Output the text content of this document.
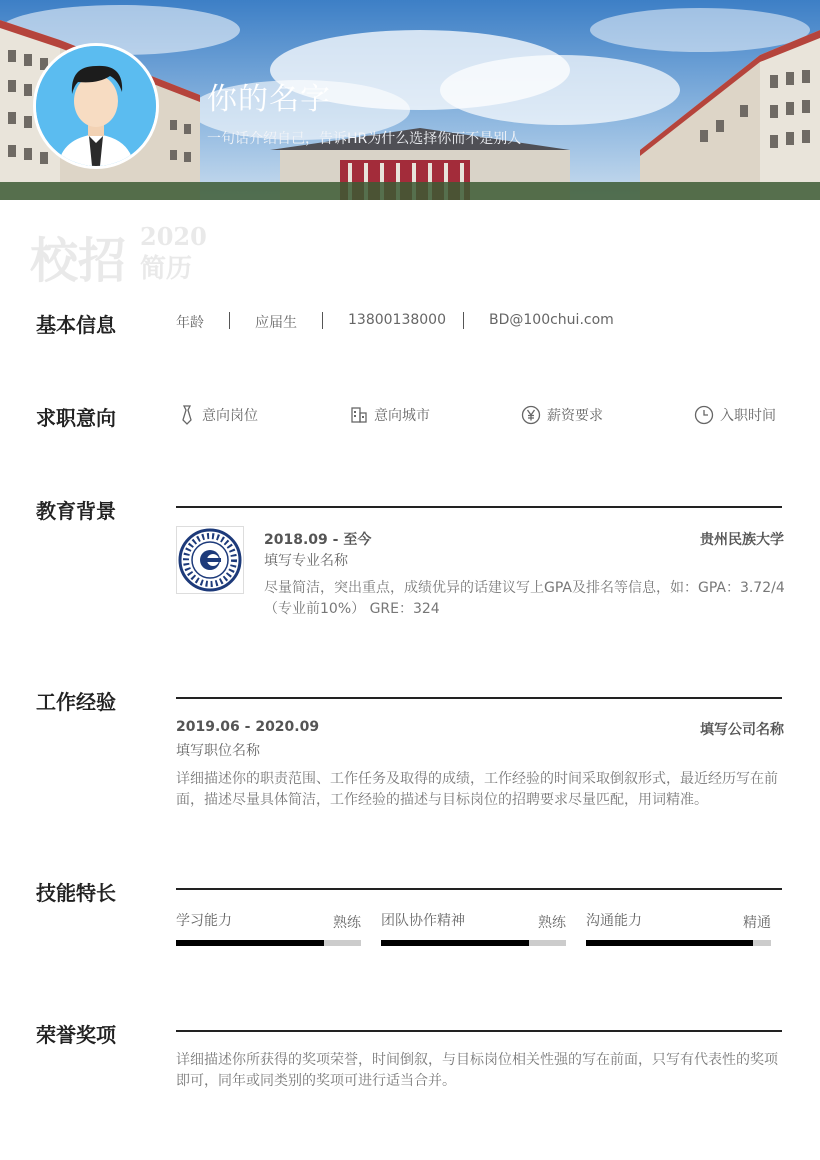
你的名字
一句话介绍自己，告诉HR为什么选择你而不是别人
校招 2020
简历
基本信息	年龄	应届生	13800138000	BD@100chui.com
求职意向	意向岗位	意向城市	薪资要求	入职时间
教育背景
2018.09 - 至今	贵州民族大学
填写专业名称
尽量简洁，突出重点，成绩优异的话建议写上GPA及排名等信息，如：GPA：3.72/4（专业前10%） GRE：324
工作经验
2019.06 - 2020.09	填写公司名称
填写职位名称
详细描述你的职责范围、工作任务及取得的成绩，工作经验的时间采取倒叙形式，最近经历写在前面，描述尽量具体简洁，工作经验的描述与目标岗位的招聘要求尽量匹配，用词精准。
技能特长
学习能力	熟练 团队协作精神	熟练 沟通能力	精通
荣誉奖项
详细描述你所获得的奖项荣誉，时间倒叙，与目标岗位相关性强的写在前面，只写有代表性的奖项即可，同年或同类别的奖项可进行适当合并。
